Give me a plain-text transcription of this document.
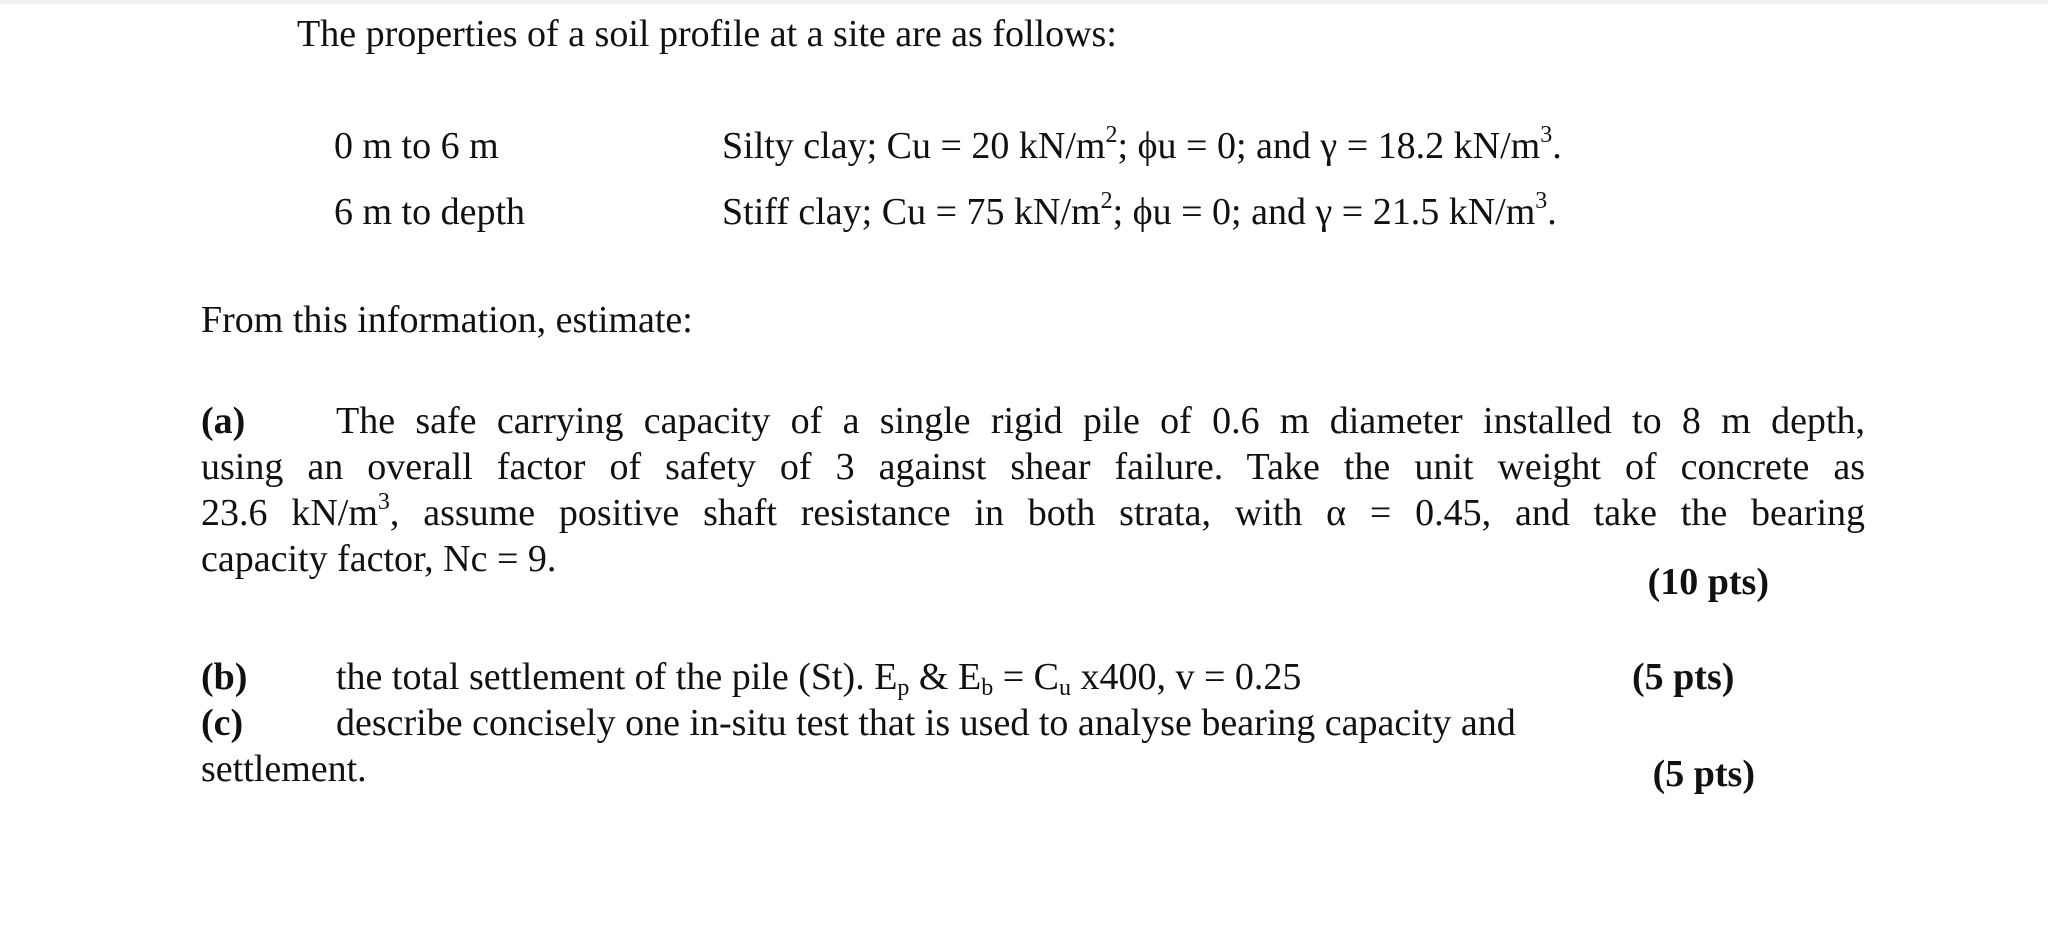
The properties of a soil profile at a site are as follows:
0 m to 6 m	Silty clay; Cu = 20 $kN/m^2$; ϕu = 0; and γ = 18.2 $kN/m^3$.
6 m to depth	Stiff clay; Cu = 75 $kN/m^2$; ϕu = 0; and γ = 21.5 $kN/m^3$.
From this information, estimate:
(a) The safe carrying capacity of a single rigid pile of 0.6 m diameter installed to 8 m depth,
using an overall factor of safety of 3 against shear failure. Take the unit weight of concrete as
23.6 $kN/m^3$, assume positive shaft resistance in both strata, with α = 0.45, and take the bearing
capacity factor, Nc = 9.
(10 pts)
(b) the total settlement of the pile (St). $E_p$ & $E_b = C_u$ x400, v = 0.25	(5 pts)
(c) describe concisely one in-situ test that is used to analyse bearing capacity and
settlement.	(5 pts)
